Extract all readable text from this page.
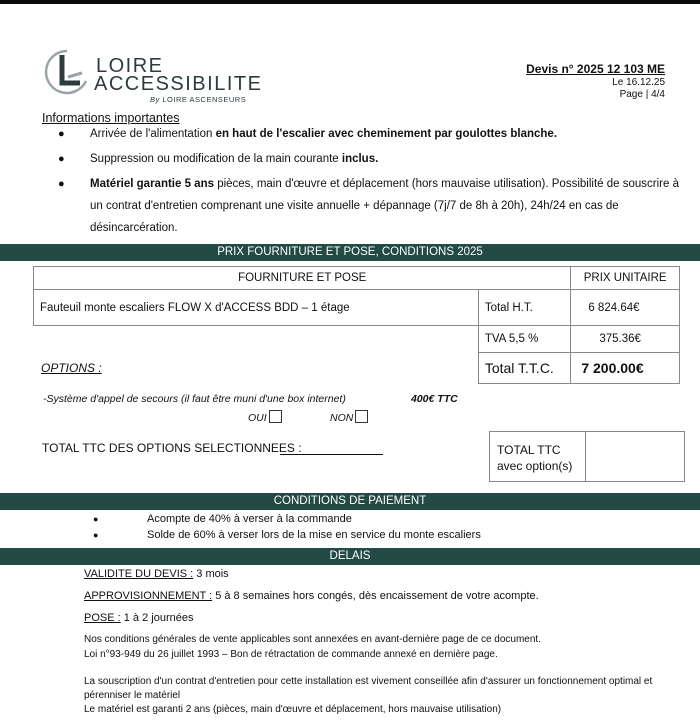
LOIRE
ACCESSIBILITE
By LOIRE ASCENSEURS
Devis n° 2025 12 103 ME
Le 16.12.25
Page | 4/4
Informations importantes
●	Arrivée de l'alimentation en haut de l'escalier avec cheminement par goulottes blanche.
●	Suppression ou modification de la main courante inclus.
●	Matériel garantie 5 ans pièces, main d'œuvre et déplacement (hors mauvaise utilisation). Possibilité de souscrire à un contrat d'entretien comprenant une visite annuelle + dépannage (7j/7 de 8h à 20h), 24h/24 en cas de désincarcération.
PRIX FOURNITURE ET POSE, CONDITIONS 2025
FOURNITURE ET POSE		PRIX UNITAIRE
Fauteuil monte escaliers FLOW X d'ACCESS BDD – 1 étage	Total H.T.	6 824.64€
	TVA 5,5 %	375.36€
	Total T.T.C.	7 200.00€
OPTIONS :
-Système d'appel de secours (il faut être muni d'une box internet)	400€ TTC
OUI	NON
TOTAL TTC DES OPTIONS SELECTIONNEES :	TOTAL TTC avec option(s)
CONDITIONS DE PAIEMENT
●	Acompte de 40% à verser à la commande
●	Solde de 60% à verser lors de la mise en service du monte escaliers
DELAIS
VALIDITE DU DEVIS : 3 mois
APPROVISIONNEMENT : 5 à 8 semaines hors congés, dès encaissement de votre acompte.
POSE : 1 à 2 journées
Nos conditions générales de vente applicables sont annexées en avant-dernière page de ce document.
Loi n°93-949 du 26 juillet 1993 – Bon de rétractation de commande annexé en dernière page.
La souscription d'un contrat d'entretien pour cette installation est vivement conseillée afin d'assurer un fonctionnement optimal et pérenniser le matériel
Le matériel est garanti 2 ans (pièces, main d'œuvre et déplacement, hors mauvaise utilisation)
